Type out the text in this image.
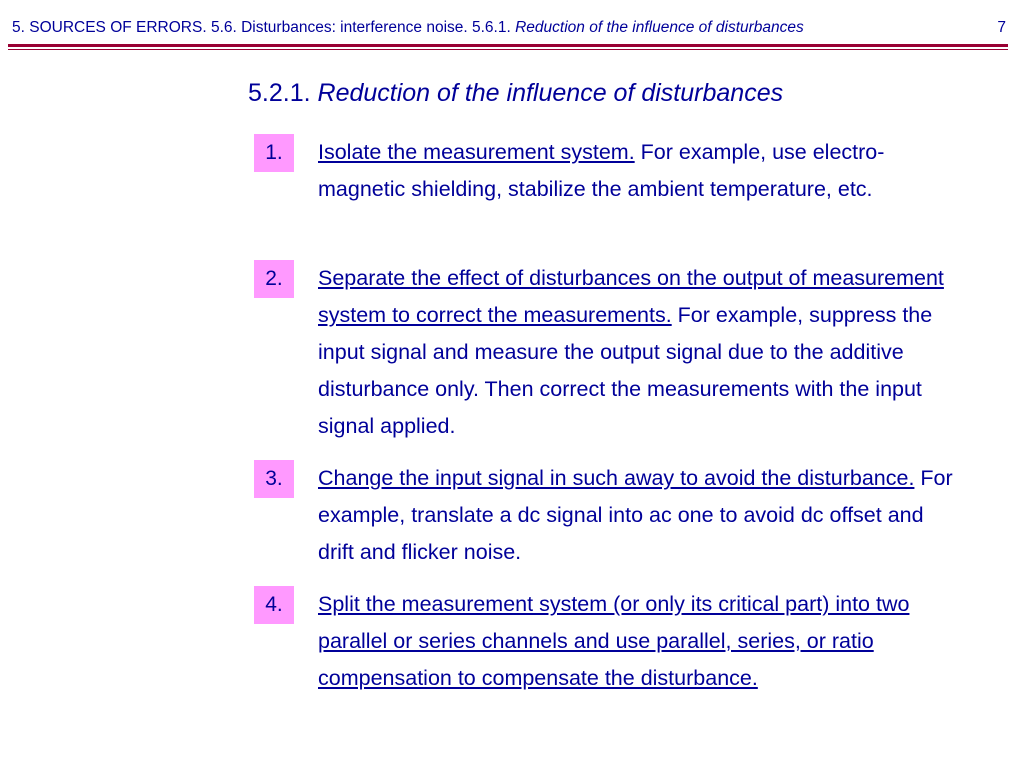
5. SOURCES OF ERRORS. 5.6. Disturbances: interference noise. 5.6.1. Reduction of the influence of disturbances	7
5.2.1. Reduction of the influence of disturbances
1.	Isolate the measurement system. For example, use electro-magnetic shielding, stabilize the ambient temperature, etc.
2.	Separate the effect of disturbances on the output of measurement system to correct the measurements. For example, suppress the input signal and measure the output signal due to the additive disturbance only. Then correct the measurements with the input signal applied.
3.	Change the input signal in such away to avoid the disturbance. For example, translate a dc signal into ac one to avoid dc offset and drift and flicker noise.
4.	Split the measurement system (or only its critical part) into two parallel or series channels and use parallel, series, or ratio compensation to compensate the disturbance.
